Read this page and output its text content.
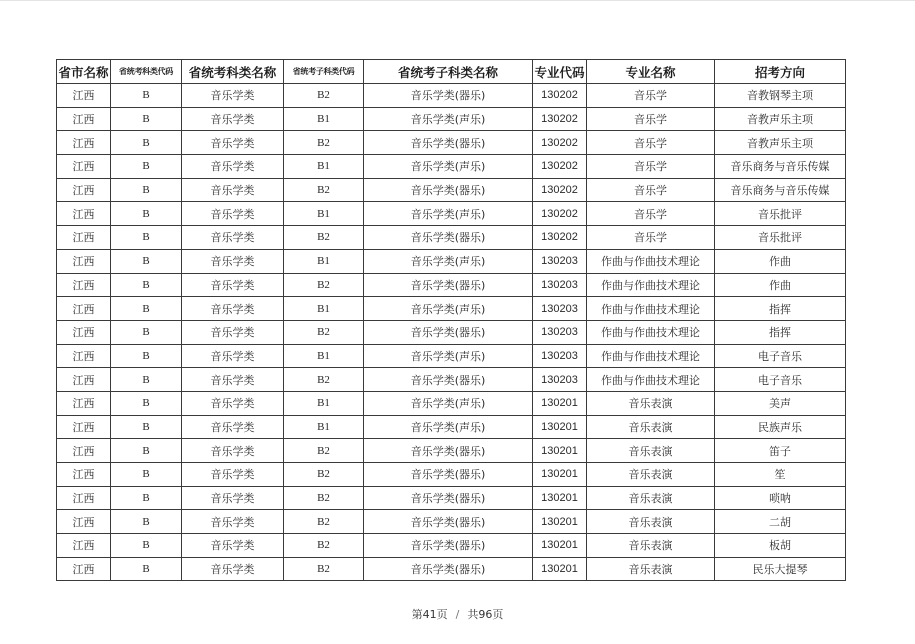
省市名称	省统考科类代码	省统考科类名称	省统考子科类代码	省统考子科类名称	专业代码	专业名称	招考方向
江西	B	音乐学类	B2	音乐学类(器乐)	130202	音乐学	音教钢琴主项
江西	B	音乐学类	B1	音乐学类(声乐)	130202	音乐学	音教声乐主项
江西	B	音乐学类	B2	音乐学类(器乐)	130202	音乐学	音教声乐主项
江西	B	音乐学类	B1	音乐学类(声乐)	130202	音乐学	音乐商务与音乐传媒
江西	B	音乐学类	B2	音乐学类(器乐)	130202	音乐学	音乐商务与音乐传媒
江西	B	音乐学类	B1	音乐学类(声乐)	130202	音乐学	音乐批评
江西	B	音乐学类	B2	音乐学类(器乐)	130202	音乐学	音乐批评
江西	B	音乐学类	B1	音乐学类(声乐)	130203	作曲与作曲技术理论	作曲
江西	B	音乐学类	B2	音乐学类(器乐)	130203	作曲与作曲技术理论	作曲
江西	B	音乐学类	B1	音乐学类(声乐)	130203	作曲与作曲技术理论	指挥
江西	B	音乐学类	B2	音乐学类(器乐)	130203	作曲与作曲技术理论	指挥
江西	B	音乐学类	B1	音乐学类(声乐)	130203	作曲与作曲技术理论	电子音乐
江西	B	音乐学类	B2	音乐学类(器乐)	130203	作曲与作曲技术理论	电子音乐
江西	B	音乐学类	B1	音乐学类(声乐)	130201	音乐表演	美声
江西	B	音乐学类	B1	音乐学类(声乐)	130201	音乐表演	民族声乐
江西	B	音乐学类	B2	音乐学类(器乐)	130201	音乐表演	笛子
江西	B	音乐学类	B2	音乐学类(器乐)	130201	音乐表演	笙
江西	B	音乐学类	B2	音乐学类(器乐)	130201	音乐表演	唢呐
江西	B	音乐学类	B2	音乐学类(器乐)	130201	音乐表演	二胡
江西	B	音乐学类	B2	音乐学类(器乐)	130201	音乐表演	板胡
江西	B	音乐学类	B2	音乐学类(器乐)	130201	音乐表演	民乐大提琴
第41页 / 共96页
